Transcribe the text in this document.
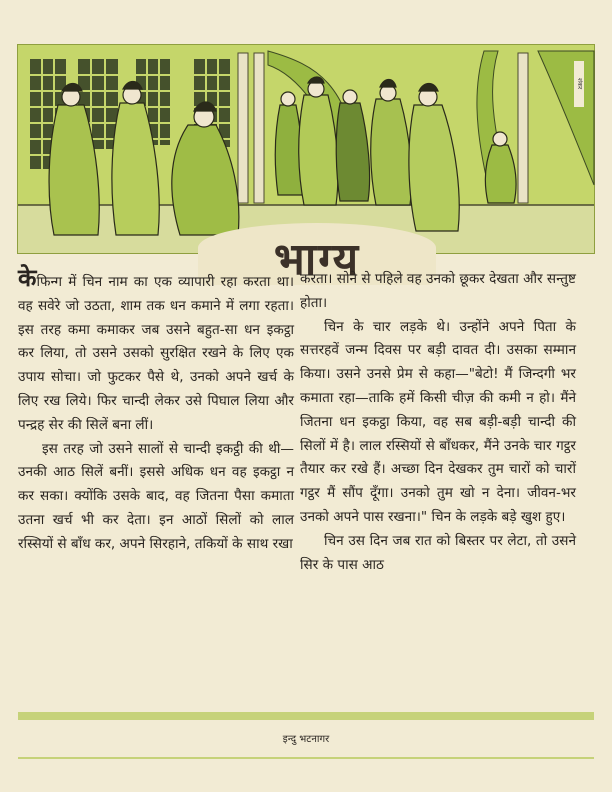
भाग्य
शंकर

केफिन्ग में चिन नाम का एक व्यापारी रहा करता था। वह सवेरे जो उठता, शाम तक धन कमाने में लगा रहता। इस तरह कमा कमाकर जब उसने बहुत-सा धन इकट्ठा कर लिया, तो उसने उसको सुरक्षित रखने के लिए एक उपाय सोचा। जो फुटकर पैसे थे, उनको अपने खर्च के लिए रख लिये। फिर चान्दी लेकर उसे पिघाल लिया और पन्द्रह सेर की सिलें बना लीं।

इस तरह जो उसने सालों से चान्दी इकट्ठी की थी—उनकी आठ सिलें बनीं। इससे अधिक धन वह इकट्ठा न कर सका। क्योंकि उसके बाद, वह जितना पैसा कमाता उतना खर्च भी कर देता। इन आठों सिलों को लाल रस्सियों से बाँध कर, अपने सिरहाने, तकियों के साथ रखा

करता। सोने से पहिले वह उनको छूकर देखता और सन्तुष्ट होता।

चिन के चार लड़के थे। उन्होंने अपने पिता के सत्तरहवें जन्म दिवस पर बड़ी दावत दी। उसका सम्मान किया। उसने उनसे प्रेम से कहा—"बेटो! मैं जिन्दगी भर कमाता रहा—ताकि हमें किसी चीज़ की कमी न हो। मैंने जितना धन इकट्ठा किया, वह सब बड़ी-बड़ी चान्दी की सिलों में है। लाल रस्सियों से बाँधकर, मैंने उनके चार गट्ठर तैयार कर रखे हैं। अच्छा दिन देखकर तुम चारों को चारों गट्ठर मैं सौंप दूँगा। उनको तुम खो न देना। जीवन-भर उनको अपने पास रखना।" चिन के लड़के बड़े खुश हुए।

चिन उस दिन जब रात को बिस्तर पर लेटा, तो उसने सिर के पास आठ

इन्दु भटनागर
